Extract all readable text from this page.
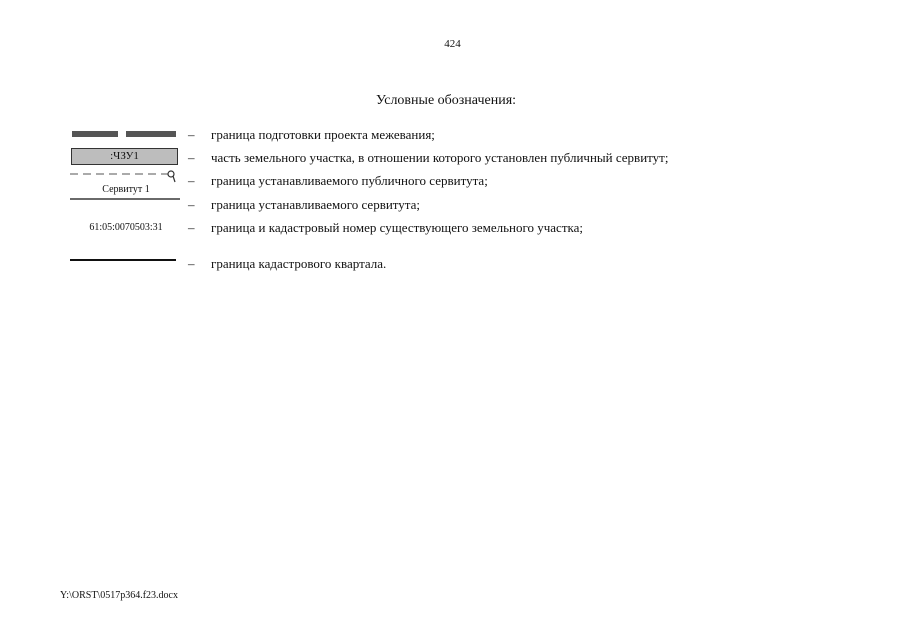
424
Условные обозначения:
– граница подготовки проекта межевания;
:ЧЗУ1	– часть земельного участка, в отношении которого установлен публичный сервитут;
Сервитут 1
– граница устанавливаемого публичного сервитута;
– граница устанавливаемого сервитута;
61:05:0070503:31	– граница и кадастровый номер существующего земельного участка;
– граница кадастрового квартала.
Y:\ORST\0517p364.f23.docx
